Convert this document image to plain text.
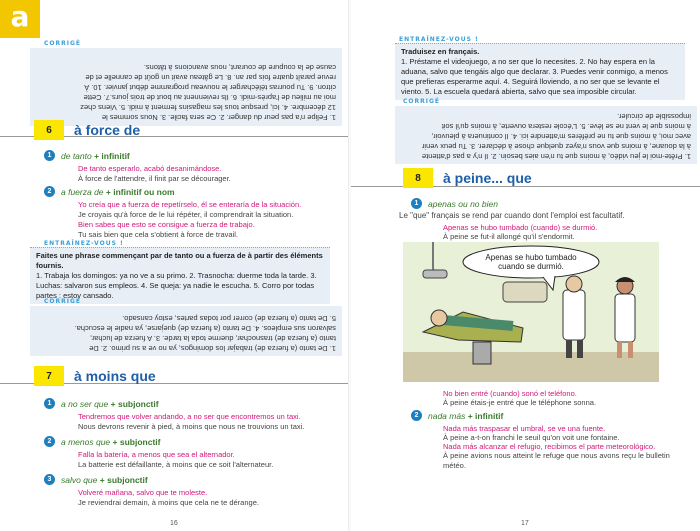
a
CORRIGÉ
1. Felipe n'a pas peur du danger. 2. Ce sera facile. 3. Nous sommes le
12 décembre. 4. Ici, presque tous les magasins ferment à midi. 5. Viens chez
moi au milieu de l'après-midi. 6. Ils reviennent au bout de trois jours.7. Cette
citron. 9. Tu pourras télécharger le nouveau programme début janvier. 10. À
revue paraît quatre fois par an. 8. Le gâteau avait un goût de cannelle et de
cause de la coupure de courant, nous avancions à tâtons.
6	à force de
1	de tanto
+ infinitif
De tanto esperarlo, acabó desanimándose.
À force de l'attendre, il finit par se décourager.
2	a fuerza de
+ infinitif ou nom
Yo creía que a fuerza de repetírselo, él se enteraría de la situación.
Je croyais qu'à force de le lui répéter, il comprendrait la situation.
Bien sabes que esto se consigue a fuerza de trabajo.
Tu sais bien que cela s'obtient à force de travail.
ENTRAÎNEZ-VOUS !
Faites une phrase commençant par de tanto ou a fuerza de à partir des éléments fournis.
1. Trabaja los domingos: ya no ve a su primo. 2. Trasnocha: duerme toda la tarde. 3. Luchas: salvaron sus empleos. 4. Se queja: ya nadie le escucha. 5. Corro por todas partes : estoy cansado.
CORRIGÉ
1. De tanto (a fuerza de) trabajar los domingos, ya no ve a su primo. 2. De
tanto (a fuerza de) trasnochar, duerme toda la tarde. 3. A fuerza de luchar,
salvaron sus empleos. 4. De tanto (a fuerza de) quejarse, ya nadie le escucha.
5. De tanto (a fuerza de) correr por todas partes, estoy cansado.
7	à moins que
1	a no ser que
+ subjonctif
Tendremos que volver andando, a no ser que encontremos un taxi.
Nous devrons revenir à pied, à moins que nous ne trouvions un taxi.
2	a menos que
+ subjonctif
Falla la batería, a menos que sea el alternador.
La batterie est défaillante, à moins que ce soit l'alternateur.
3	salvo que
+ subjonctif
Volveré mañana, salvo que te moleste.
Je reviendrai demain, à moins que cela ne te dérange.
16
ENTRAÎNEZ-VOUS !
Traduisez en français.
1. Préstame el videojuego, a no ser que lo necesites. 2. No hay espera en la aduana, salvo que tengáis algo que declarar. 3. Puedes venir conmigo, a menos que prefieras esperarme aquí. 4. Seguirá lloviendo, a no ser que se levante el viento. 5. La escuela quedará abierta, salvo que sea imposible circular.
CORRIGÉ
1. Prête-moi le jeu vidéo, à moins que tu n'en aies besoin. 2. Il n'y a pas d'attente
à la douane, à moins que vous n'ayez quelque chose à déclarer. 3. Tu peux venir
avec moi, à moins que tu ne préfères m'attendre ici. 4. Il continuera à pleuvoir,
à moins que le vent ne se lève. 5. L'école restera ouverte, à moins qu'il soit
impossible de circuler.
8	à peine... que
1	apenas ou no bien
Le "que" français se rend par cuando dont l'emploi est facultatif.
Apenas se hubo tumbado (cuando) se durmió.
À peine se fut-il allongé qu'il s'endormit.
Apenas se hubo tumbado
cuando se durmió.
No bien entré (cuando) sonó el teléfono.
À peine étais-je entré que le téléphone sonna.
2	nada más
+ infinitif
Nada más traspasar el umbral, se ve una fuente.
À peine a-t-on franchi le seuil qu'on voit une fontaine.
Nada más alcanzar el refugio, recibimos el parte meteorológico.
À peine avions nous atteint le refuge que nous avons reçu le bulletin météo.
17
